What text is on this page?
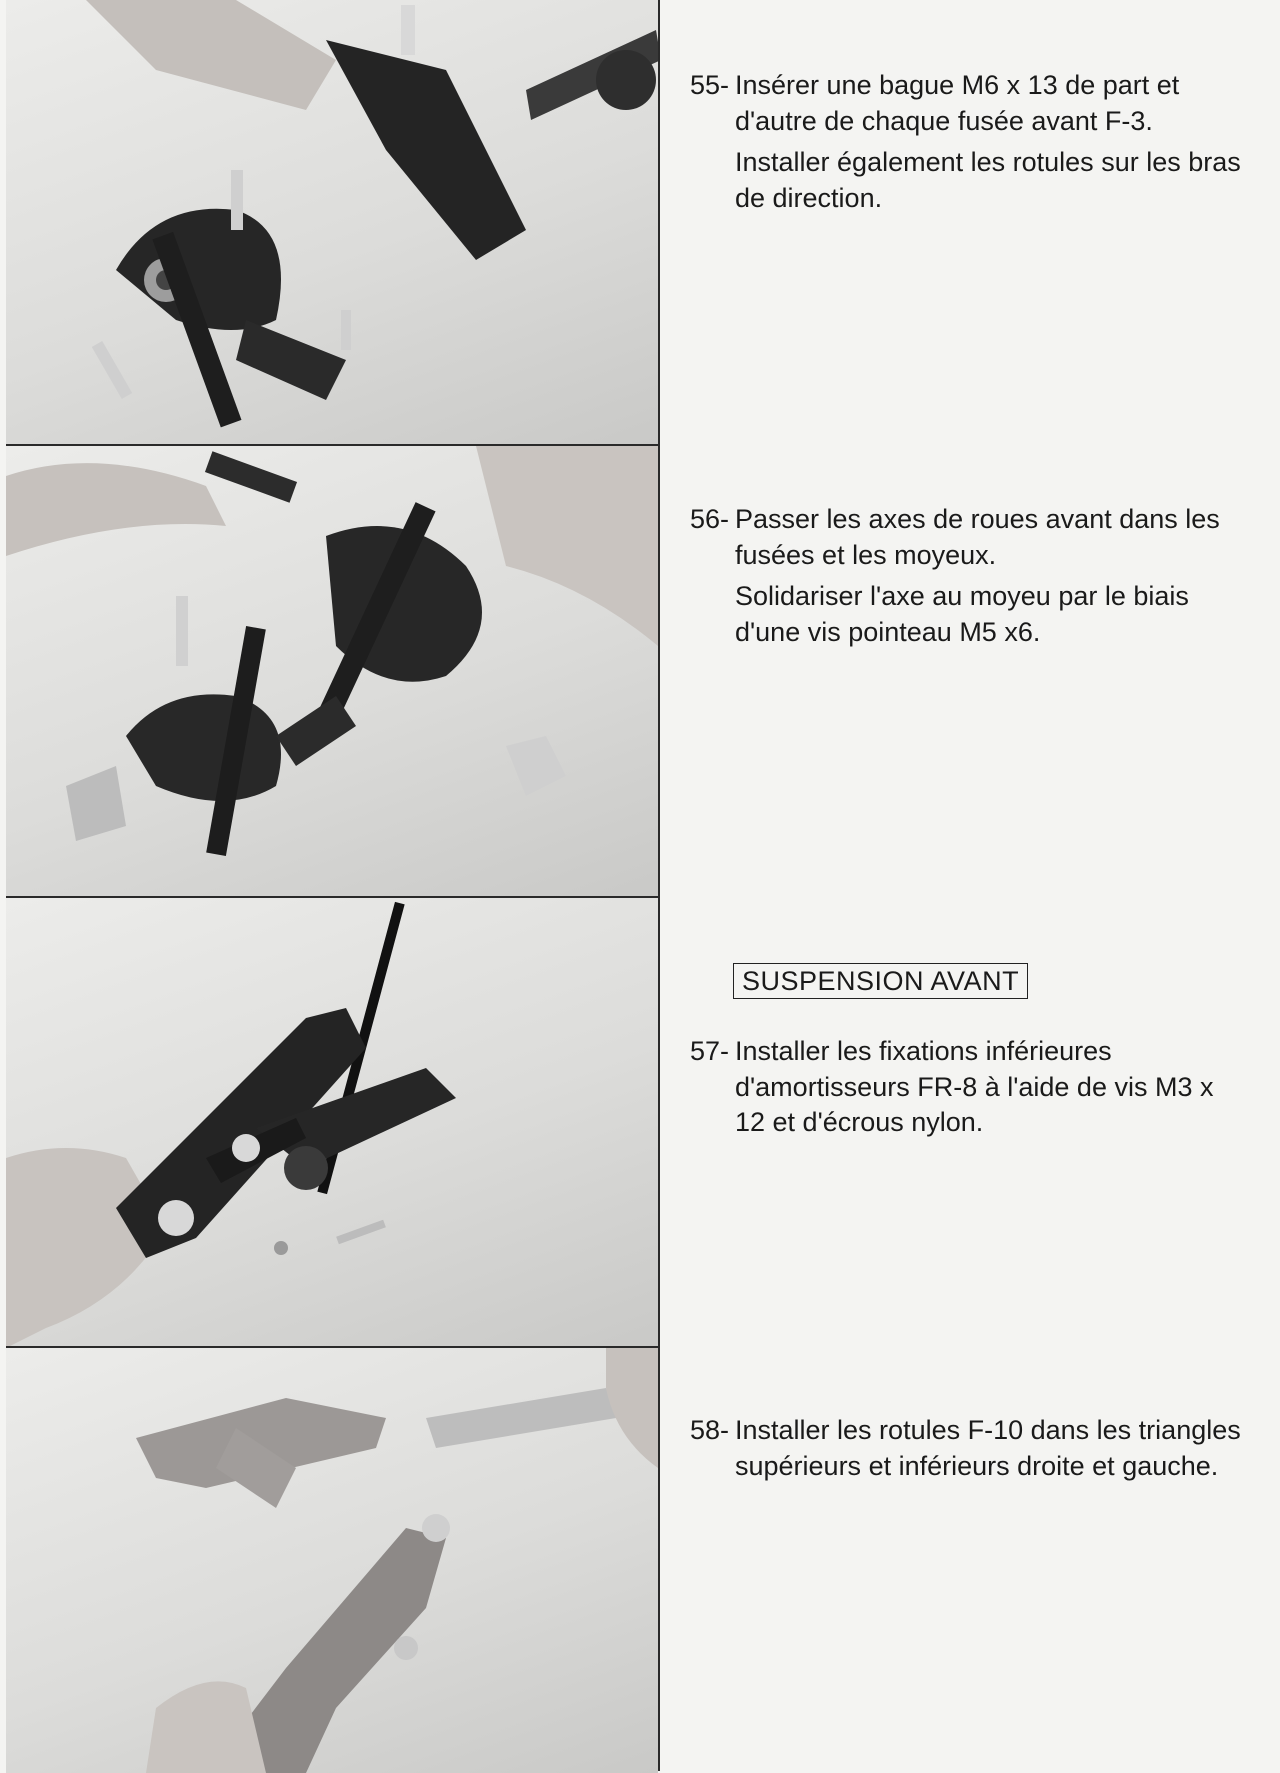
SUSPENSION AVANT
55- Insérer une bague M6 x 13 de part et d'autre de chaque fusée avant F-3.

Installer également les rotules sur les bras de direction.

56- Passer les axes de roues avant dans les fusées et les moyeux.

Solidariser l'axe au moyeu par le biais d'une vis pointeau M5 x6.

57- Installer les fixations inférieures d'amortisseurs FR-8 à l'aide de vis M3 x 12 et d'écrous nylon.

58- Installer les rotules F-10 dans les triangles supérieurs et inférieurs droite et gauche.
